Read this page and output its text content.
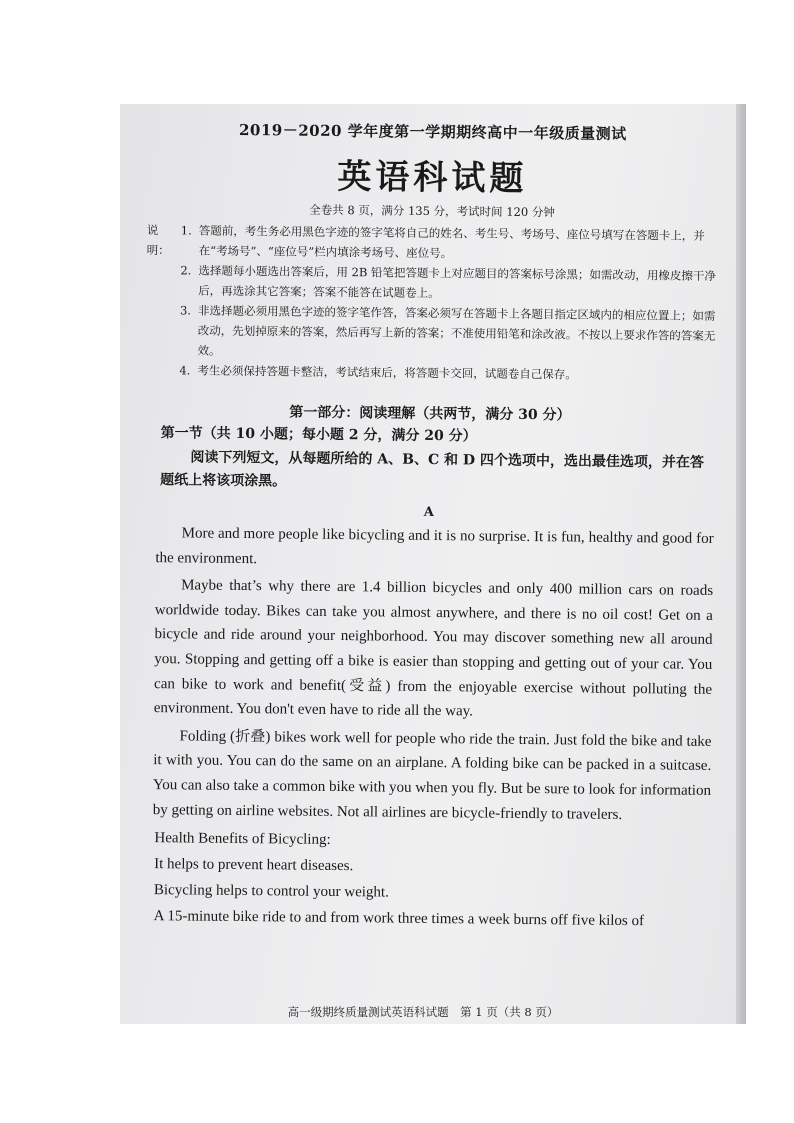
2019－2020 学年度第一学期期终高中一年级质量测试

英语科试题

全卷共 8 页，满分 135 分，考试时间 120 分钟

说明：
1. 答题前，考生务必用黑色字迹的签字笔将自己的姓名、考生号、考场号、座位号填写在答题卡上，并在“考场号”、“座位号”栏内填涂考场号、座位号。
2. 选择题每小题选出答案后，用 2B 铅笔把答题卡上对应题目的答案标号涂黑；如需改动，用橡皮擦干净后，再选涂其它答案；答案不能答在试题卷上。
3. 非选择题必须用黑色字迹的签字笔作答，答案必须写在答题卡上各题目指定区域内的相应位置上；如需改动，先划掉原来的答案，然后再写上新的答案；不准使用铅笔和涂改液。不按以上要求作答的答案无效。
4. 考生必须保持答题卡整洁，考试结束后，将答题卡交回，试题卷自己保存。

第一部分：阅读理解（共两节，满分 30 分）

第一节（共 10 小题；每小题 2 分，满分 20 分）

阅读下列短文，从每题所给的 A、B、C 和 D 四个选项中，选出最佳选项，并在答题纸上将该项涂黑。

A

More and more people like bicycling and it is no surprise. It is fun, healthy and good for the environment.

Maybe that’s why there are 1.4 billion bicycles and only 400 million cars on roads worldwide today. Bikes can take you almost anywhere, and there is no oil cost! Get on a bicycle and ride around your neighborhood. You may discover something new all around you. Stopping and getting off a bike is easier than stopping and getting out of your car. You can bike to work and benefit(受益) from the enjoyable exercise without polluting the environment. You don't even have to ride all the way.

Folding (折叠) bikes work well for people who ride the train. Just fold the bike and take it with you. You can do the same on an airplane. A folding bike can be packed in a suitcase. You can also take a common bike with you when you fly. But be sure to look for information by getting on airline websites. Not all airlines are bicycle-friendly to travelers.

Health Benefits of Bicycling:

It helps to prevent heart diseases.

Bicycling helps to control your weight.

A 15-minute bike ride to and from work three times a week burns off five kilos of

高一级期终质量测试英语科试题　第 1 页（共 8 页）
